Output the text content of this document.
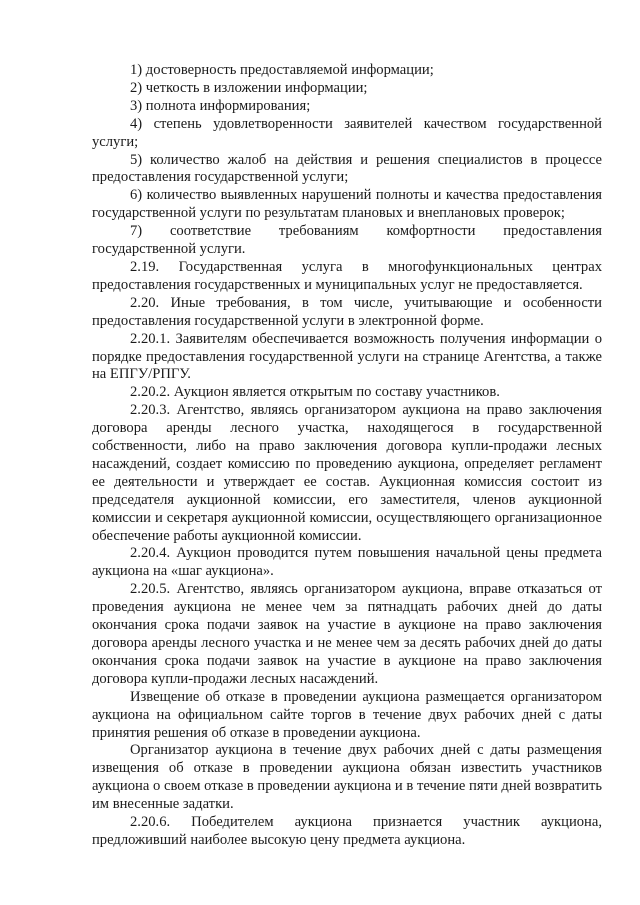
1) достоверность предоставляемой информации;

2) четкость в изложении информации;

3) полнота информирования;

4) степень удовлетворенности заявителей качеством государственной услуги;

5) количество жалоб на действия и решения специалистов в процессе предоставления государственной услуги;

6) количество выявленных нарушений полноты и качества предоставления государственной услуги по результатам плановых и внеплановых проверок;

7) соответствие требованиям комфортности предоставления государственной услуги.

2.19. Государственная услуга в многофункциональных центрах предоставления государственных и муниципальных услуг не предоставляется.

2.20. Иные требования, в том числе, учитывающие и особенности предоставления государственной услуги в электронной форме.

2.20.1. Заявителям обеспечивается возможность получения информации о порядке предоставления государственной услуги на странице Агентства, а также на ЕПГУ/РПГУ.

2.20.2. Аукцион является открытым по составу участников.

2.20.3. Агентство, являясь организатором аукциона на право заключения договора аренды лесного участка, находящегося в государственной собственности, либо на право заключения договора купли-продажи лесных насаждений, создает комиссию по проведению аукциона, определяет регламент ее деятельности и утверждает ее состав. Аукционная комиссия состоит из председателя аукционной комиссии, его заместителя, членов аукционной комиссии и секретаря аукционной комиссии, осуществляющего организационное обеспечение работы аукционной комиссии.

2.20.4. Аукцион проводится путем повышения начальной цены предмета аукциона на «шаг аукциона».

2.20.5. Агентство, являясь организатором аукциона, вправе отказаться от проведения аукциона не менее чем за пятнадцать рабочих дней до даты окончания срока подачи заявок на участие в аукционе на право заключения договора аренды лесного участка и не менее чем за десять рабочих дней до даты окончания срока подачи заявок на участие в аукционе на право заключения договора купли-продажи лесных насаждений.

Извещение об отказе в проведении аукциона размещается организатором аукциона на официальном сайте торгов в течение двух рабочих дней с даты принятия решения об отказе в проведении аукциона.

Организатор аукциона в течение двух рабочих дней с даты размещения извещения об отказе в проведении аукциона обязан известить участников аукциона о своем отказе в проведении аукциона и в течение пяти дней возвратить им внесенные задатки.

2.20.6. Победителем аукциона признается участник аукциона, предложивший наиболее высокую цену предмета аукциона.
